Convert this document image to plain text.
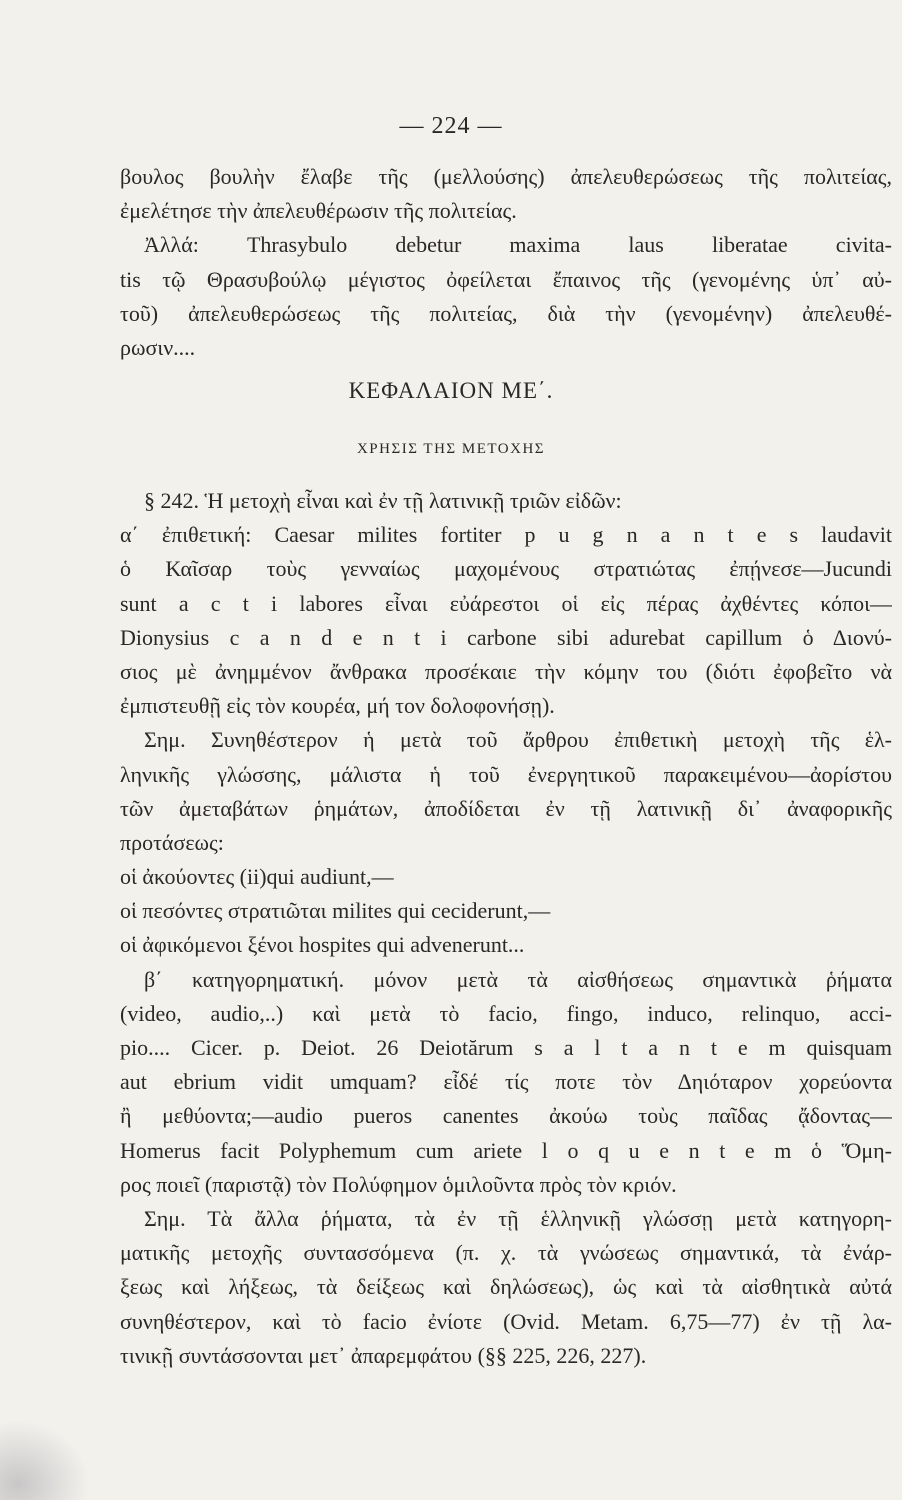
— 224 —
βουλος βουλὴν ἔλαβε τῆς (μελλούσης) ἀπελευθερώσεως τῆς πολιτείας,
ἐμελέτησε τὴν ἀπελευθέρωσιν τῆς πολιτείας.
Ἀλλά: Thrasybulo debetur maxima laus liberatae civita-
tis τῷ Θρασυβούλῳ μέγιστος ὀφείλεται ἔπαινος τῆς (γενομένης ὑπ᾽ αὐ-
τοῦ) ἀπελευθερώσεως τῆς πολιτείας, διὰ τὴν (γενομένην) ἀπελευθέ-
ρωσιν....
ΚΕΦΑΛΑΙΟΝ ΜΕ΄.
ΧΡΗΣΙΣ ΤΗΣ ΜΕΤΟΧΗΣ
§ 242. Ἡ μετοχὴ εἶναι καὶ ἐν τῇ λατινικῇ τριῶν εἰδῶν:
α΄ ἐπιθετική: Caesar milites fortiter p u g n a n t e s laudavit
ὁ Καῖσαρ τοὺς γενναίως μαχομένους στρατιώτας ἐπῄνεσε—Jucundi
sunt a c t i labores εἶναι εὐάρεστοι οἱ εἰς πέρας ἀχθέντες κόποι—
Dionysius c a n d e n t i carbone sibi adurebat capillum ὁ Διονύ-
σιος μὲ ἀνημμένον ἄνθρακα προσέκαιε τὴν κόμην του (διότι ἐφοβεῖτο νὰ
ἐμπιστευθῇ εἰς τὸν κουρέα, μή τον δολοφονήσῃ).
Σημ. Συνηθέστερον ἡ μετὰ τοῦ ἄρθρου ἐπιθετικὴ μετοχὴ τῆς ἑλ-
ληνικῆς γλώσσης, μάλιστα ἡ τοῦ ἐνεργητικοῦ παρακειμένου—ἀορίστου
τῶν ἀμεταβάτων ῥημάτων, ἀποδίδεται ἐν τῇ λατινικῇ δι᾽ ἀναφορικῆς
προτάσεως:
οἱ ἀκούοντες (ii)qui audiunt,—
οἱ πεσόντες στρατιῶται milites qui ceciderunt,—
οἱ ἀφικόμενοι ξένοι hospites qui advenerunt...
β΄ κατηγορηματική. μόνον μετὰ τὰ αἰσθήσεως σημαντικὰ ῥήματα
(video, audio,..) καὶ μετὰ τὸ facio, fingo, induco, relinquo, acci-
pio.... Cicer. p. Deiot. 26 Deiotărum s a l t a n t e m quisquam
aut ebrium vidit umquam? εἶδέ τίς ποτε τὸν Δηιόταρον χορεύοντα
ἢ μεθύοντα;—audio pueros canentes ἀκούω τοὺς παῖδας ᾄδοντας—
Homerus facit Polyphemum cum ariete l o q u e n t e m ὁ Ὅμη-
ρος ποιεῖ (παριστᾷ) τὸν Πολύφημον ὁμιλοῦντα πρὸς τὸν κριόν.
Σημ. Τὰ ἄλλα ῥήματα, τὰ ἐν τῇ ἑλληνικῇ γλώσσῃ μετὰ κατηγορη-
ματικῆς μετοχῆς συντασσόμενα (π. χ. τὰ γνώσεως σημαντικά, τὰ ἐνάρ-
ξεως καὶ λήξεως, τὰ δείξεως καὶ δηλώσεως), ὡς καὶ τὰ αἰσθητικὰ αὐτά
συνηθέστερον, καὶ τὸ facio ἐνίοτε (Ovid. Metam. 6,75—77) ἐν τῇ λα-
τινικῇ συντάσσονται μετ᾽ ἀπαρεμφάτου (§§ 225, 226, 227).
